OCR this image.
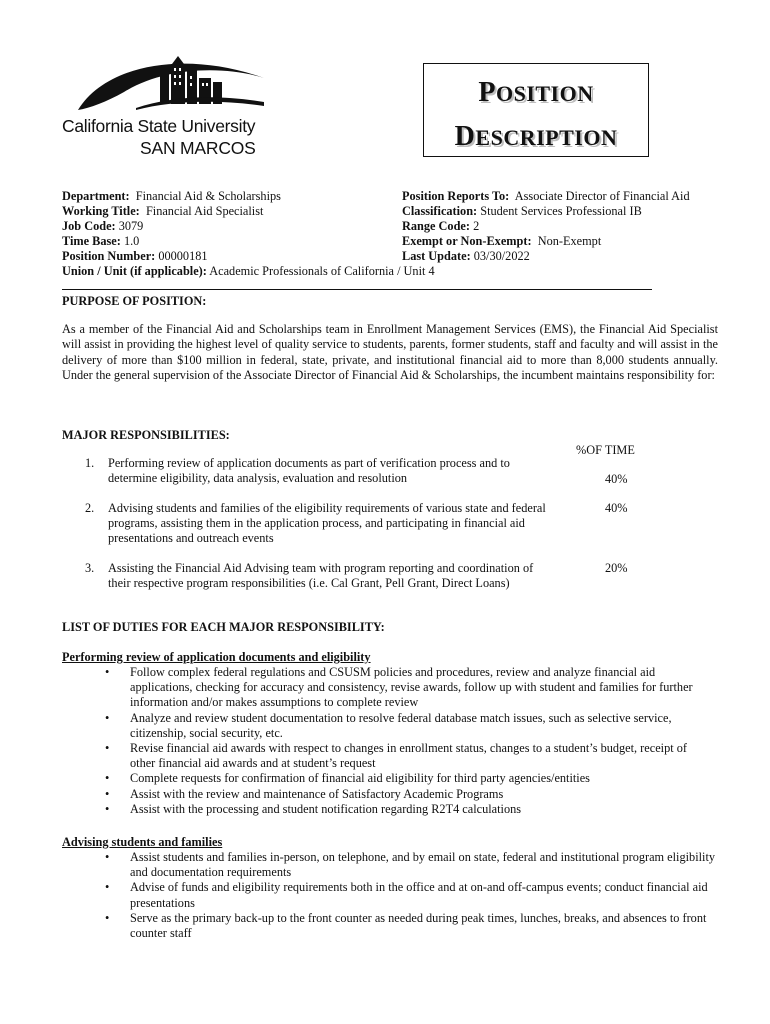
California State University
SAN MARCOS
POSITION
DESCRIPTION
Department: Financial Aid & Scholarships
Working Title: Financial Aid Specialist
Job Code: 3079
Time Base: 1.0
Position Number: 00000181
Union / Unit (if applicable): Academic Professionals of California / Unit 4
Position Reports To: Associate Director of Financial Aid
Classification: Student Services Professional IB
Range Code: 2
Exempt or Non-Exempt: Non-Exempt
Last Update: 03/30/2022
PURPOSE OF POSITION:
As a member of the Financial Aid and Scholarships team in Enrollment Management Services (EMS), the Financial Aid Specialist will assist in providing the highest level of quality service to students, parents, former students, staff and faculty and will assist in the delivery of more than $100 million in federal, state, private, and institutional financial aid to more than 8,000 students annually. Under the general supervision of the Associate Director of Financial Aid & Scholarships, the incumbent maintains responsibility for:
MAJOR RESPONSIBILITIES:
%OF TIME
1. Performing review of application documents as part of verification process and to determine eligibility, data analysis, evaluation and resolution	40%
2. Advising students and families of the eligibility requirements of various state and federal programs, assisting them in the application process, and participating in financial aid presentations and outreach events
40%
3. Assisting the Financial Aid Advising team with program reporting and coordination of their respective program responsibilities (i.e. Cal Grant, Pell Grant, Direct Loans)
20%
LIST OF DUTIES FOR EACH MAJOR RESPONSIBILITY:
Performing review of application documents and eligibility
• Follow complex federal regulations and CSUSM policies and procedures, review and analyze financial aid applications, checking for accuracy and consistency, revise awards, follow up with student and families for further information and/or makes assumptions to complete review
• Analyze and review student documentation to resolve federal database match issues, such as selective service, citizenship, social security, etc.
• Revise financial aid awards with respect to changes in enrollment status, changes to a student’s budget, receipt of other financial aid awards and at student’s request
• Complete requests for confirmation of financial aid eligibility for third party agencies/entities
• Assist with the review and maintenance of Satisfactory Academic Programs
• Assist with the processing and student notification regarding R2T4 calculations
Advising students and families
• Assist students and families in-person, on telephone, and by email on state, federal and institutional program eligibility and documentation requirements
• Advise of funds and eligibility requirements both in the office and at on-and off-campus events; conduct financial aid presentations
• Serve as the primary back-up to the front counter as needed during peak times, lunches, breaks, and absences to front counter staff
